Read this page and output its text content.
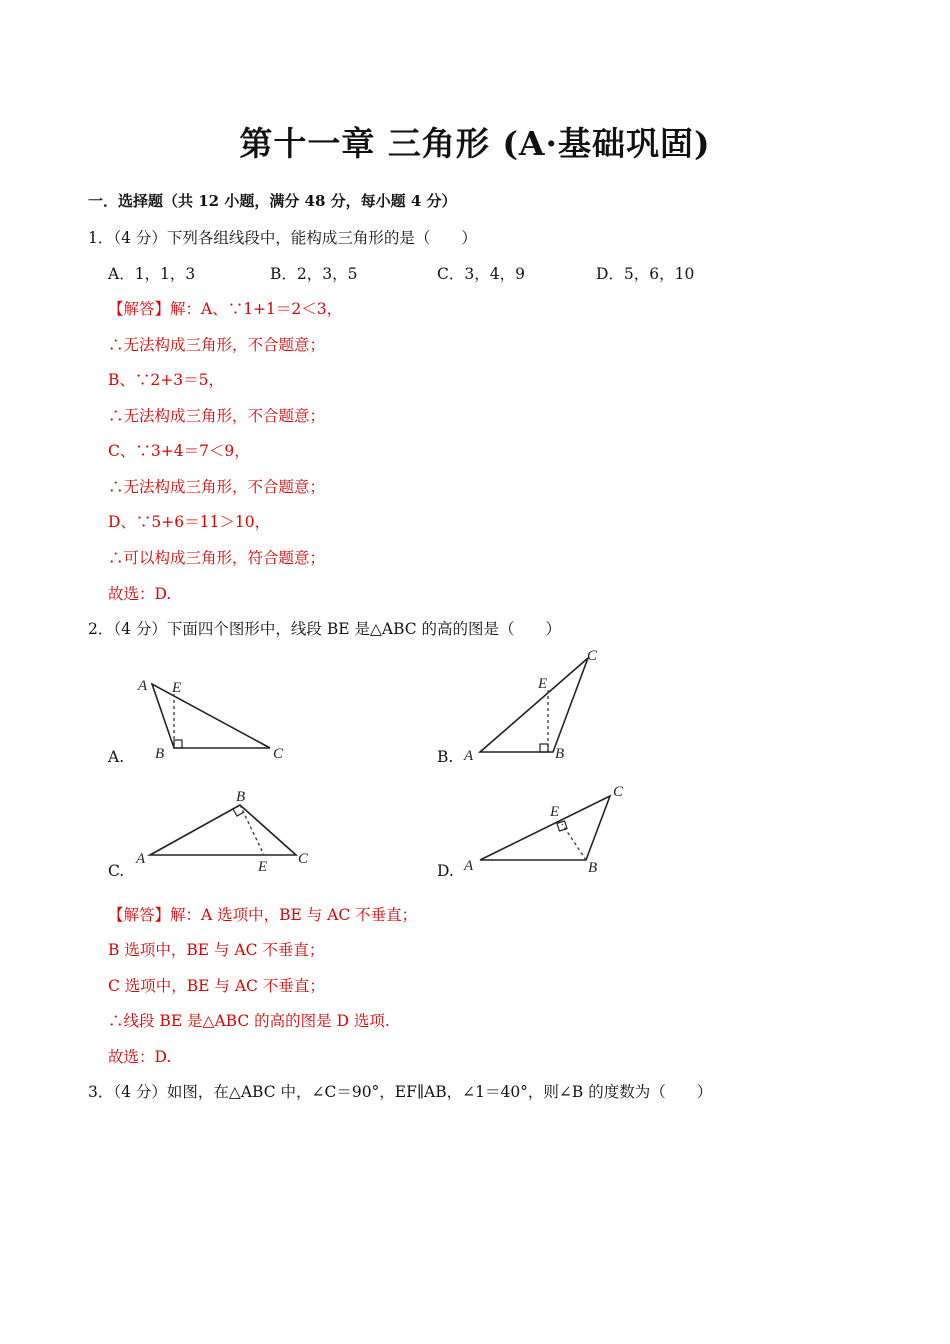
第十一章 三角形 (A·基础巩固)
一．选择题（共 12 小题，满分 48 分，每小题 4 分）
1．（4 分）下列各组线段中，能构成三角形的是（　　）
A．1，1，3	B．2，3，5	C．3，4，9	D．5，6，10
【解答】解：A、∵1+1＝2＜3，
∴无法构成三角形，不合题意；
B、∵2+3＝5，
∴无法构成三角形，不合题意；
C、∵3+4＝7＜9，
∴无法构成三角形，不合题意；
D、∵5+6＝11＞10，
∴可以构成三角形，符合题意；
故选：D.
2．（4 分）下面四个图形中，线段 BE 是△ABC 的高的图是（　　）
A.
A E
B	C	B. A	B
C
E
C.
A
B
C
E	D. A	B
C
E
【解答】解：A 选项中，BE 与 AC 不垂直；
B 选项中，BE 与 AC 不垂直；
C 选项中，BE 与 AC 不垂直；
∴线段 BE 是△ABC 的高的图是 D 选项.
故选：D.
3．（4 分）如图，在△ABC 中，∠C＝90°，EF∥AB，∠1＝40°，则∠B 的度数为（　　）
